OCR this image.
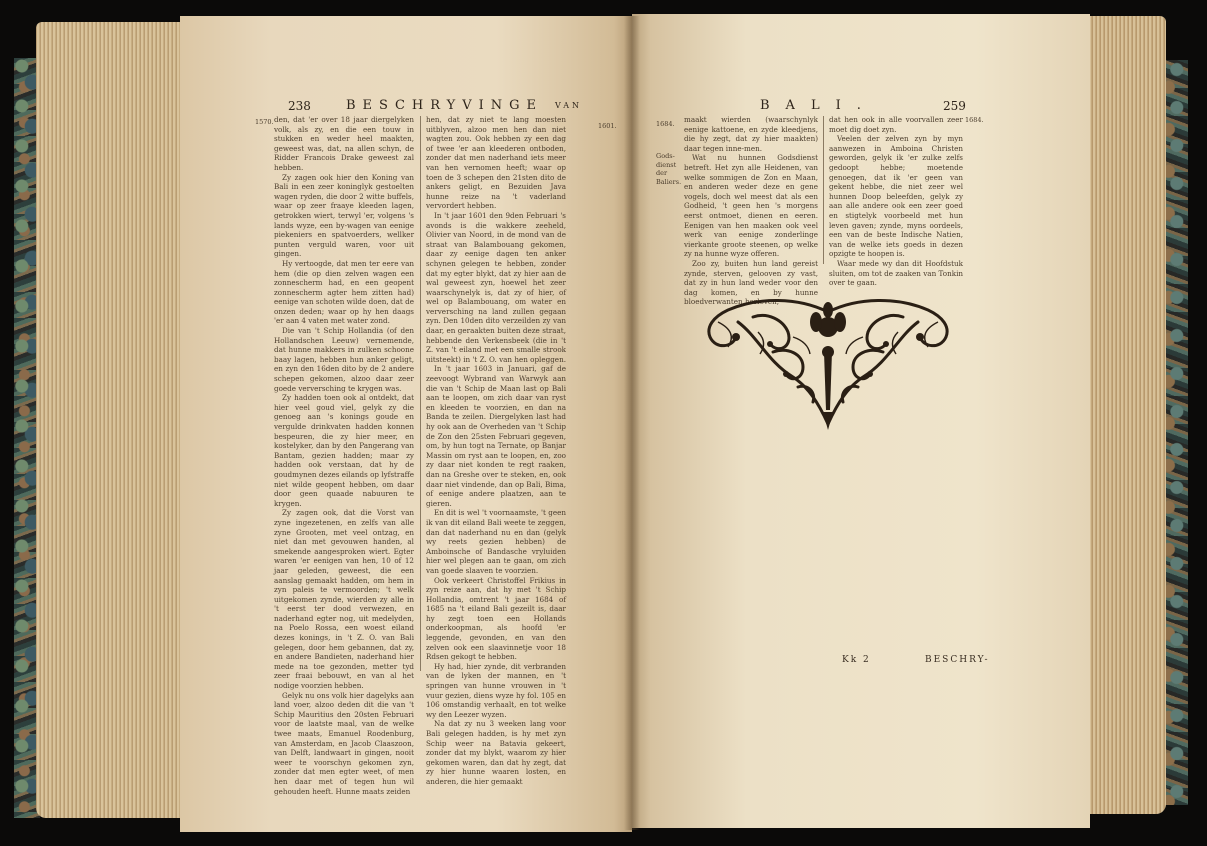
238	BESCHRYVINGE VAN
1570.	1601.

den, dat 'er over 18 jaar diergelyken volk, als zy, en die een touw in stukken en weder heel maakten, geweest was, dat, na allen schyn, de Ridder Francois Drake geweest zal hebben.

Zy zagen ook hier den Koning van Bali in een zeer koninglyk gestoelten wagen ryden, die door 2 witte buffels, waar op zeer fraaye kleeden lagen, getrokken wiert, terwyl 'er, volgens 's lands wyze, een by-wagen van eenige piekeniers en spatvoerders, wellker punten verguld waren, voor uit gingen.

Hy vertoogde, dat men ter eere van hem (die op dien zelven wagen een zonnescherm had, en een geopent zonnescherm agter hem zitten had) eenige van schoten wilde doen, dat de onzen deden; waar op hy hen daags 'er aan 4 vaten met water zond.

Die van 't Schip Hollandia (of den Hollandschen Leeuw) vernemende, dat hunne makkers in zulken schoone baay lagen, hebben hun anker geligt, en zyn den 16den dito by de 2 andere schepen gekomen, alzoo daar zeer goede verversching te krygen was.

Zy hadden toen ook al ontdekt, dat hier veel goud viel, gelyk zy die genoeg aan 's konings goude en vergulde drinkvaten hadden konnen bespeuren, die zy hier meer, en kostelyker, dan by den Pangerang van Bantam, gezien hadden; maar zy hadden ook verstaan, dat hy de goudmynen dezes eilands op lyfstraffe niet wilde geopent hebben, om daar door geen quaade nabuuren te krygen.

Zy zagen ook, dat die Vorst van zyne ingezetenen, en zelfs van alle zyne Grooten, met veel ontzag, en niet dan met gevouwen handen, al smekende aangesproken wiert. Egter waren 'er eenigen van hen, 10 of 12 jaar geleden, geweest, die een aanslag gemaakt hadden, om hem in zyn paleis te vermoorden; 't welk uitgekomen zynde, wierden zy alle in 't eerst ter dood verwezen, en naderhand egter nog, uit medelyden, na Poelo Rossa, een woest eiland dezes konings, in 't Z. O. van Bali gelegen, door hem gebannen, dat zy, en andere Bandieten, naderhand hier mede na toe gezonden, metter tyd zeer fraai bebouwt, en van al het nodige voorzien hebben.

Gelyk nu ons volk hier dagelyks aan land voer, alzoo deden dit die van 't Schip Mauritius den 20sten Februari voor de laatste maal, van de welke twee maats, Emanuel Roodenburg, van Amsterdam, en Jacob Claaszoon, van Delft, landwaart in gingen, nooit weer te voorschyn gekomen zyn, zonder dat men egter weet, of men hen daar met of tegen hun wil gehouden heeft. Hunne maats zeiden

hen, dat zy niet te lang moesten uitblyven, alzoo men hen dan niet wagten zou. Ook hebben zy een dag of twee 'er aan kleederen ontboden, zonder dat men naderhand iets meer van hen vernomen heeft; waar op toen de 3 schepen den 21sten dito de ankers geligt, en Bezuiden Java hunne reize na 't vaderland vervordert hebben.

In 't jaar 1601 den 9den Februari 's avonds is die wakkere zeeheld, Olivier van Noord, in de mond van de straat van Balambouang gekomen, daar zy eenige dagen ten anker schynen gelegen te hebben, zonder dat my egter blykt, dat zy hier aan de wal geweest zyn, hoewel het zeer waarschynelyk is, dat zy of hier, of wel op Balambouang, om water en verversching na land zullen gegaan zyn. Den 10den dito verzeilden zy van daar, en geraakten buiten deze straat, hebbende den Verkensbeek (die in 't Z. van 't eiland met een smalle strook uitsteekt) in 't Z. O. van hen opleggen.

In 't jaar 1603 in Januari, gaf de zeevoogt Wybrand van Warwyk aan die van 't Schip de Maan last op Bali aan te loopen, om zich daar van ryst en kleeden te voorzien, en dan na Banda te zeilen. Diergelyken last had hy ook aan de Overheden van 't Schip de Zon den 25sten Februari gegeven, om, by hun togt na Ternate, op Banjar Massin om ryst aan te loopen, en, zoo zy daar niet konden te regt raaken, dan na Greshe over te steken, en, ook daar niet vindende, dan op Bali, Bima, of eenige andere plaatzen, aan te gieren.

En dit is wel 't voornaamste, 't geen ik van dit eiland Bali weete te zeggen, dan dat naderhand nu en dan (gelyk wy reets gezien hebben) de Amboinsche of Bandasche vryluiden hier wel plegen aan te gaan, om zich van goede slaaven te voorzien.

Ook verkeert Christoffel Frikius in zyn reize aan, dat hy met 't Schip Hollandia, omtrent 't jaar 1684 of 1685 na 't eiland Bali gezeilt is, daar hy zegt toen een Hollands onderkoopman, als hoofd 'er leggende, gevonden, en van den zelven ook een slaavinnetje voor 18 Rdsen gekogt te hebben.

Hy had, hier zynde, dit verbranden van de lyken der mannen, en 't springen van hunne vrouwen in 't vuur gezien, diens wyze hy fol. 105 en 106 omstandig verhaalt, en tot welke wy den Leezer wyzen.

Na dat zy nu 3 weeken lang voor Bali gelegen hadden, is hy met zyn Schip weer na Batavia gekeert, zonder dat my blykt, waarom zy hier gekomen waren, dan dat hy zegt, dat zy hier hunne waaren losten, en anderen, die hier gemaakt

BALI.	259
1684.	1684.
Gods-dienst der Baliers.

maakt wierden (waarschynlyk eenige kattoene, en zyde kleedjens, die hy zegt, dat zy hier maakten) daar tegen inne-men.

Wat nu hunnen Godsdienst betreft. Het zyn alle Heidenen, van welke sommigen de Zon en Maan, en anderen weder deze en gene vogels, doch wel meest dat als een Godheid, 't geen hen 's morgens eerst ontmoet, dienen en eeren. Eenigen van hen maaken ook veel werk van eenige zonderlinge vierkante groote steenen, op welke zy na hunne wyze offeren.

Zoo zy, buiten hun land gereist zynde, sterven, gelooven zy vast, dat zy in hun land weder voor den dag komen, en by hunne bloedverwanten herleven,

dat hen ook in alle voorvallen zeer moet dig doet zyn.

Veelen der zelven zyn by myn aanwezen in Amboina Christen geworden, gelyk ik 'er zulke zelfs gedoopt hebbe; moetende genoegen, dat ik 'er geen van gekent hebbe, die niet zeer wel hunnen Doop beleefden, gelyk zy aan alle andere ook een zeer goed en stigtelyk voorbeeld met hun leven gaven; zynde, myns oordeels, een van de beste Indische Natien, van de welke iets goeds in dezen opzigte te hoopen is.

Waar mede wy dan dit Hoofdstuk sluiten, om tot de zaaken van Tonkin over te gaan.

Kk 2	BESCHRY-
